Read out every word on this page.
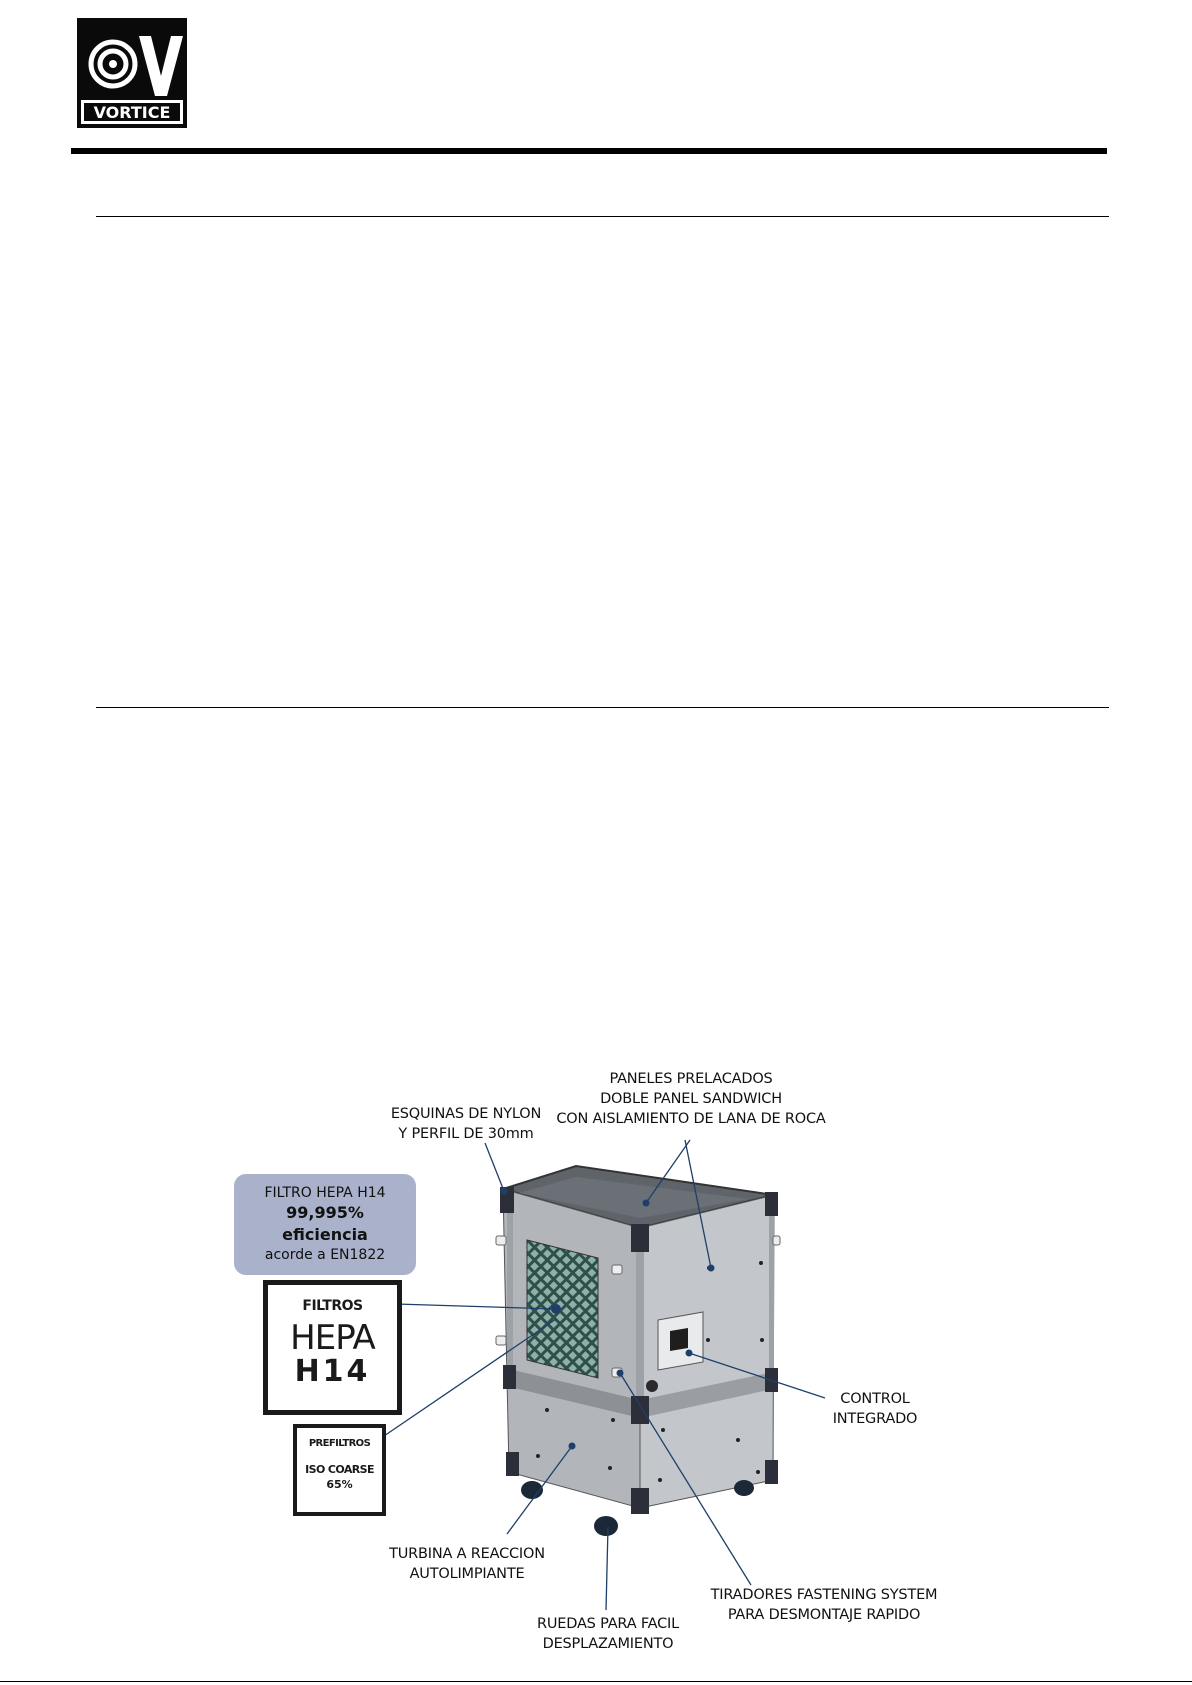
VORTICE
FILTRO HEPA H14
99,995%
eficiencia
acorde a EN1822
FILTROS
HEPA
H14
PREFILTROS
ISO COARSE
65%
ESQUINAS DE NYLON
Y PERFIL DE 30mm
PANELES PRELACADOS
DOBLE PANEL SANDWICH
CON AISLAMIENTO DE LANA DE ROCA
CONTROL
INTEGRADO
TURBINA A REACCION
AUTOLIMPIANTE
RUEDAS PARA FACIL
DESPLAZAMIENTO
TIRADORES FASTENING SYSTEM
PARA DESMONTAJE RAPIDO
